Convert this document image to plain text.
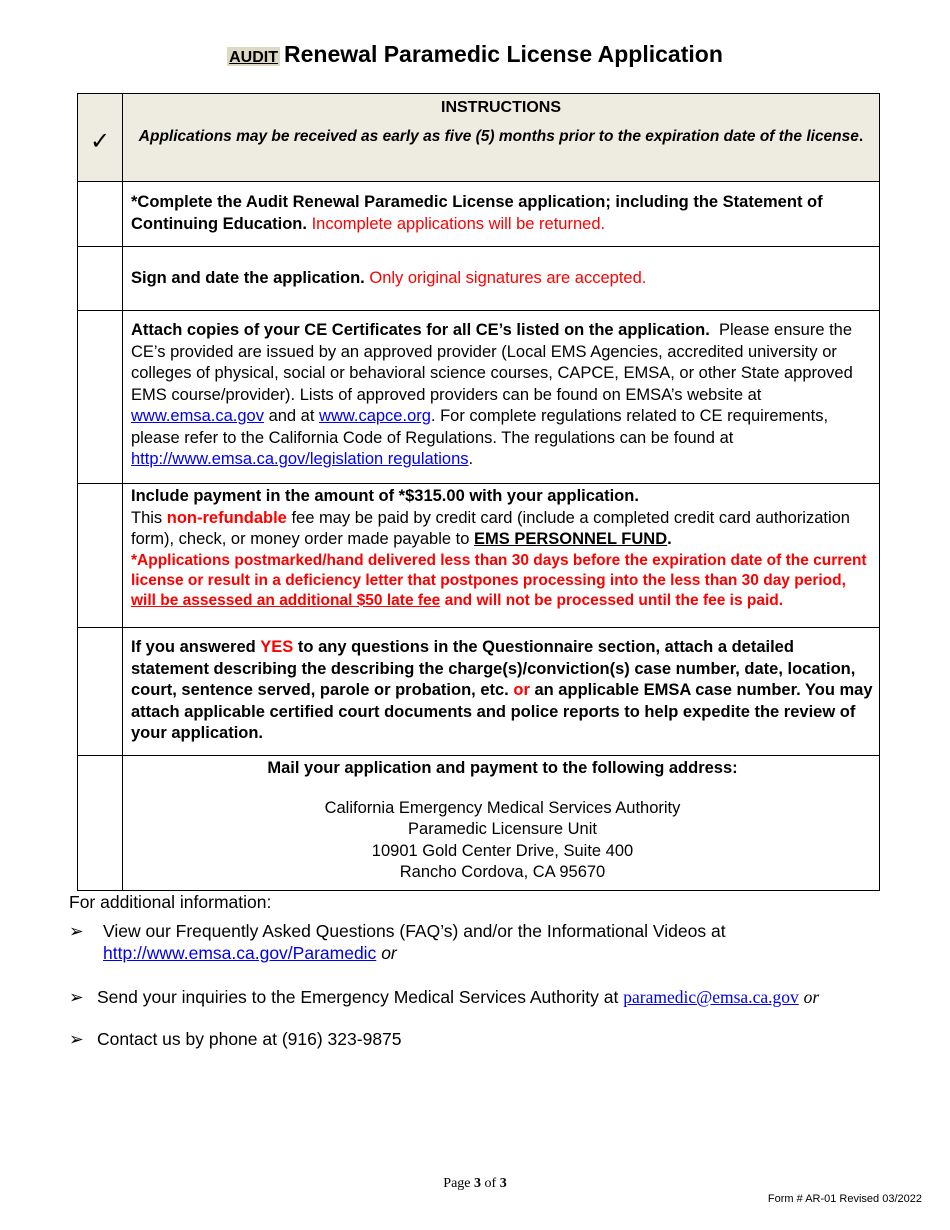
AUDIT Renewal Paramedic License Application
✓	INSTRUCTIONS
Applications may be received as early as five (5) months prior to the expiration date of the license.

	*Complete the Audit Renewal Paramedic License application; including the Statement of Continuing Education. Incomplete applications will be returned.
	Sign and date the application. Only original signatures are accepted.
	Attach copies of your CE Certificates for all CE’s listed on the application. Please ensure the CE’s provided are issued by an approved provider (Local EMS Agencies, accredited university or colleges of physical, social or behavioral science courses, CAPCE, EMSA, or other State approved EMS course/provider). Lists of approved providers can be found on EMSA’s website at www.emsa.ca.gov and at www.capce.org. For complete regulations related to CE requirements, please refer to the California Code of Regulations. The regulations can be found at http://www.emsa.ca.gov/legislation regulations.
	Include payment in the amount of *$315.00 with your application.
This non-refundable fee may be paid by credit card (include a completed credit card authorization form), check, or money order made payable to EMS PERSONNEL FUND.
*Applications postmarked/hand delivered less than 30 days before the expiration date of the current license or result in a deficiency letter that postpones processing into the less than 30 day period, will be assessed an additional $50 late fee and will not be processed until the fee is paid.

	If you answered YES to any questions in the Questionnaire section, attach a detailed statement describing the describing the charge(s)/conviction(s) case number, date, location, court, sentence served, parole or probation, etc. or an applicable EMSA case number. You may attach applicable certified court documents and police reports to help expedite the review of your application.

	Mail your application and payment to the following address:
California Emergency Medical Services Authority
Paramedic Licensure Unit
10901 Gold Center Drive, Suite 400
Rancho Cordova, CA 95670
For additional information:
➢ View our Frequently Asked Questions (FAQ’s) and/or the Informational Videos at
http://www.emsa.ca.gov/Paramedic or
➢ Send your inquiries to the Emergency Medical Services Authority at paramedic@emsa.ca.gov or
➢ Contact us by phone at (916) 323-9875
Page 3 of 3
Form # AR-01 Revised 03/2022
